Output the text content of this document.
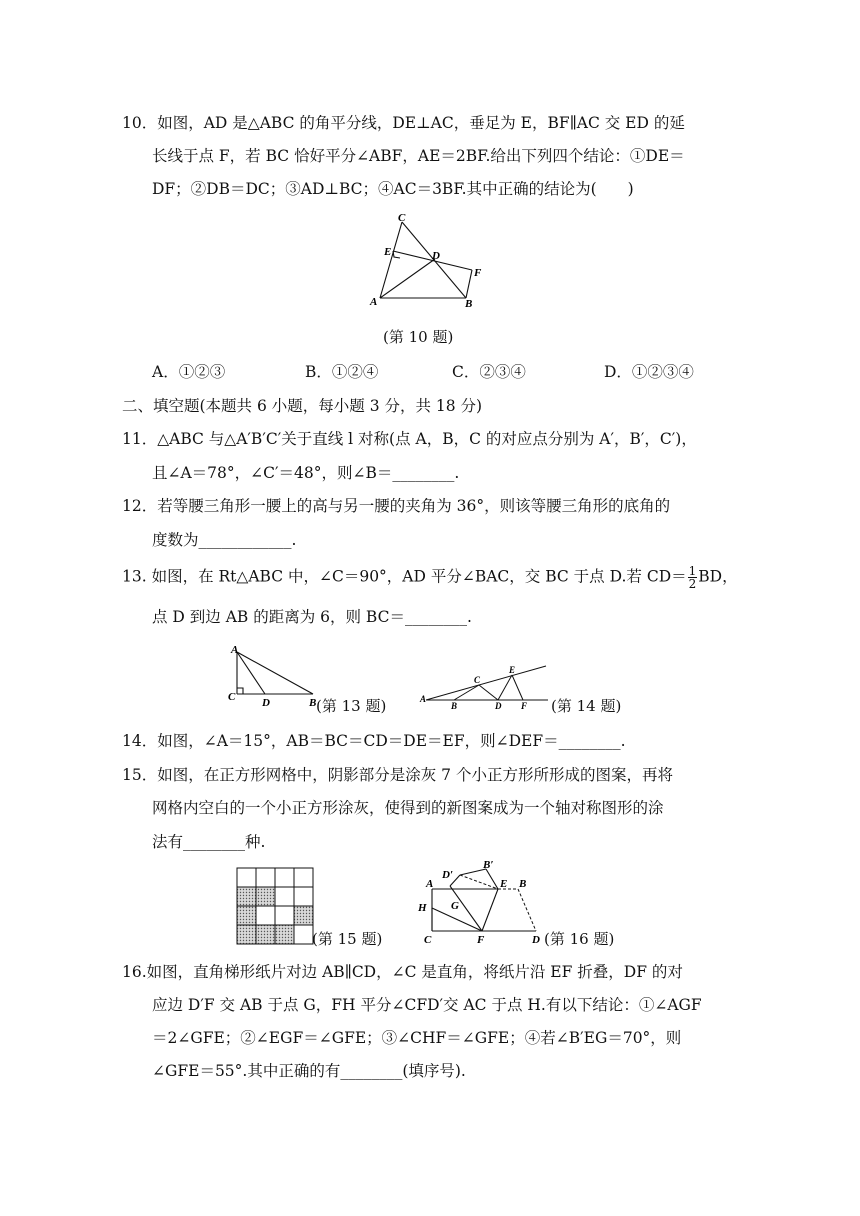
10．如图，AD 是△ABC 的角平分线，DE⊥AC，垂足为 E，BF∥AC 交 ED 的延
长线于点 F，若 BC 恰好平分∠ABF，AE＝2BF.给出下列四个结论：①DE＝
DF；②DB＝DC；③AD⊥BC；④AC＝3BF.其中正确的结论为(　　)
C
E	D
F
A	B
(第 10 题)
A．①②③	B．①②④	C．②③④	D．①②③④
二、填空题(本题共 6 小题，每小题 3 分，共 18 分)
11．△ABC 与△A′B′C′关于直线 l 对称(点 A，B，C 的对应点分别为 A′，B′，C′)，
且∠A＝78°，∠C′＝48°，则∠B＝________.
12．若等腰三角形一腰上的高与另一腰的夹角为 36°，则该等腰三角形的底角的
度数为____________.
13. 如图，在 Rt△ABC 中，∠C＝90°，AD 平分∠BAC，交 BC 于点 D.若 $CD= \frac{1}{2}$ BD，
点 D 到边 AB 的距离为 6，则 BC＝________.
A
C D	B (第 13 题)	A
B
C
D
E
F (第 14 题)
14．如图，∠A＝15°，AB＝BC＝CD＝DE＝EF，则∠DEF＝________.
15．如图，在正方形网格中，阴影部分是涂灰 7 个小正方形所形成的图案，再将
网格内空白的一个小正方形涂灰，使得到的新图案成为一个轴对称图形的涂
法有________种.
(第 15 题)
A	B
B′
D′
E
G
H
C	F	D (第 16 题)
16.如图，直角梯形纸片对边 AB∥CD，∠C 是直角，将纸片沿 EF 折叠，DF 的对
应边 D′F 交 AB 于点 G，FH 平分∠CFD′交 AC 于点 H.有以下结论：①∠AGF
＝2∠GFE；②∠EGF＝∠GFE；③∠CHF＝∠GFE；④若∠B′EG＝70°，则
∠GFE＝55°.其中正确的有________(填序号).
